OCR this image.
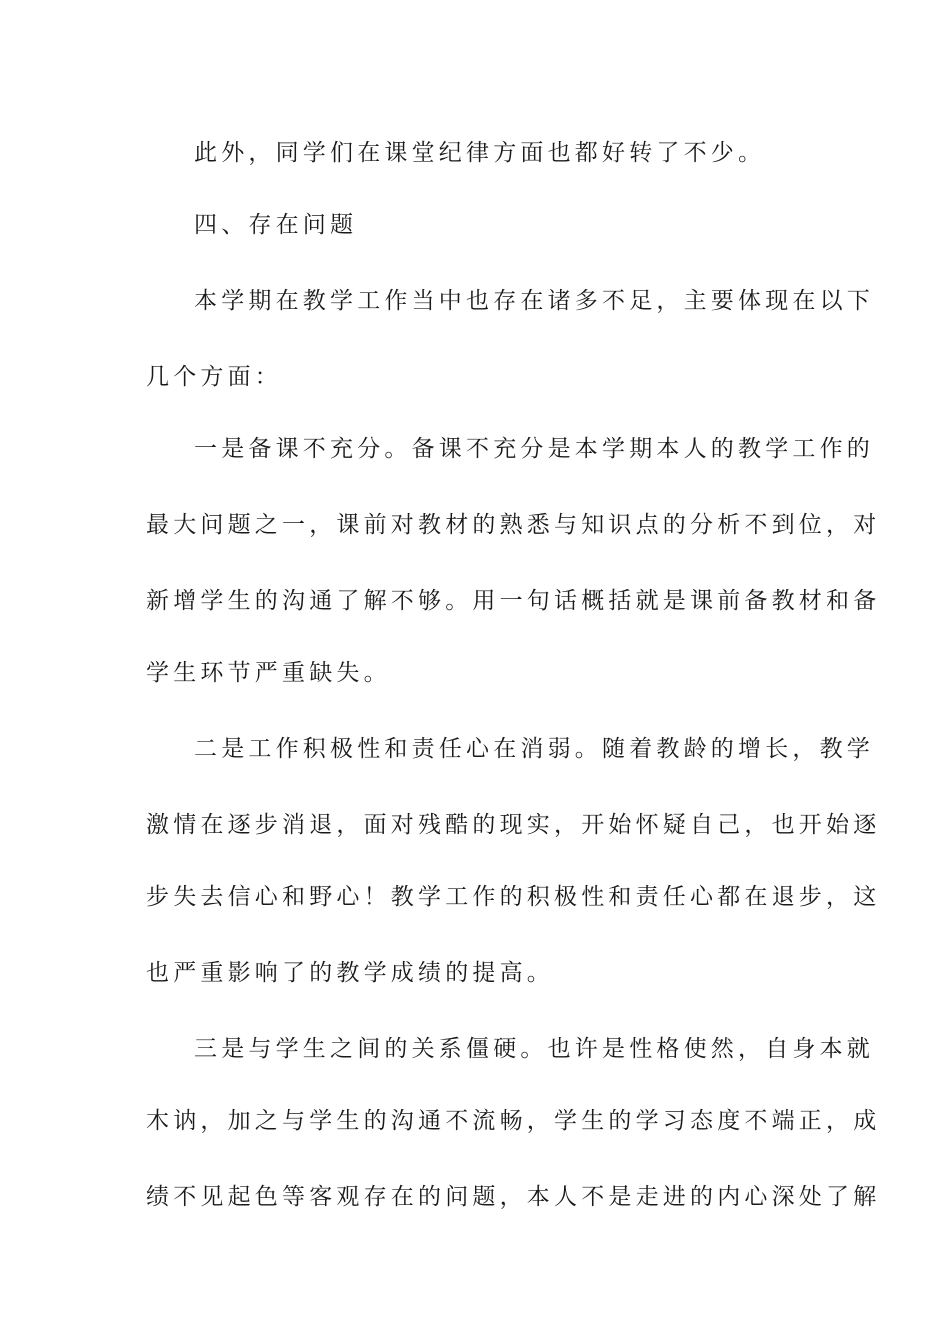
此外，同学们在课堂纪律方面也都好转了不少。
四、存在问题
本学期在教学工作当中也存在诸多不足，主要体现在以下
几个方面：
一是备课不充分。备课不充分是本学期本人的教学工作的
最大问题之一，课前对教材的熟悉与知识点的分析不到位，对
新增学生的沟通了解不够。用一句话概括就是课前备教材和备
学生环节严重缺失。
二是工作积极性和责任心在消弱。随着教龄的增长，教学
激情在逐步消退，面对残酷的现实，开始怀疑自己，也开始逐
步失去信心和野心！教学工作的积极性和责任心都在退步，这
也严重影响了的教学成绩的提高。
三是与学生之间的关系僵硬。也许是性格使然，自身本就
木讷，加之与学生的沟通不流畅，学生的学习态度不端正，成
绩不见起色等客观存在的问题，本人不是走进的内心深处了解
